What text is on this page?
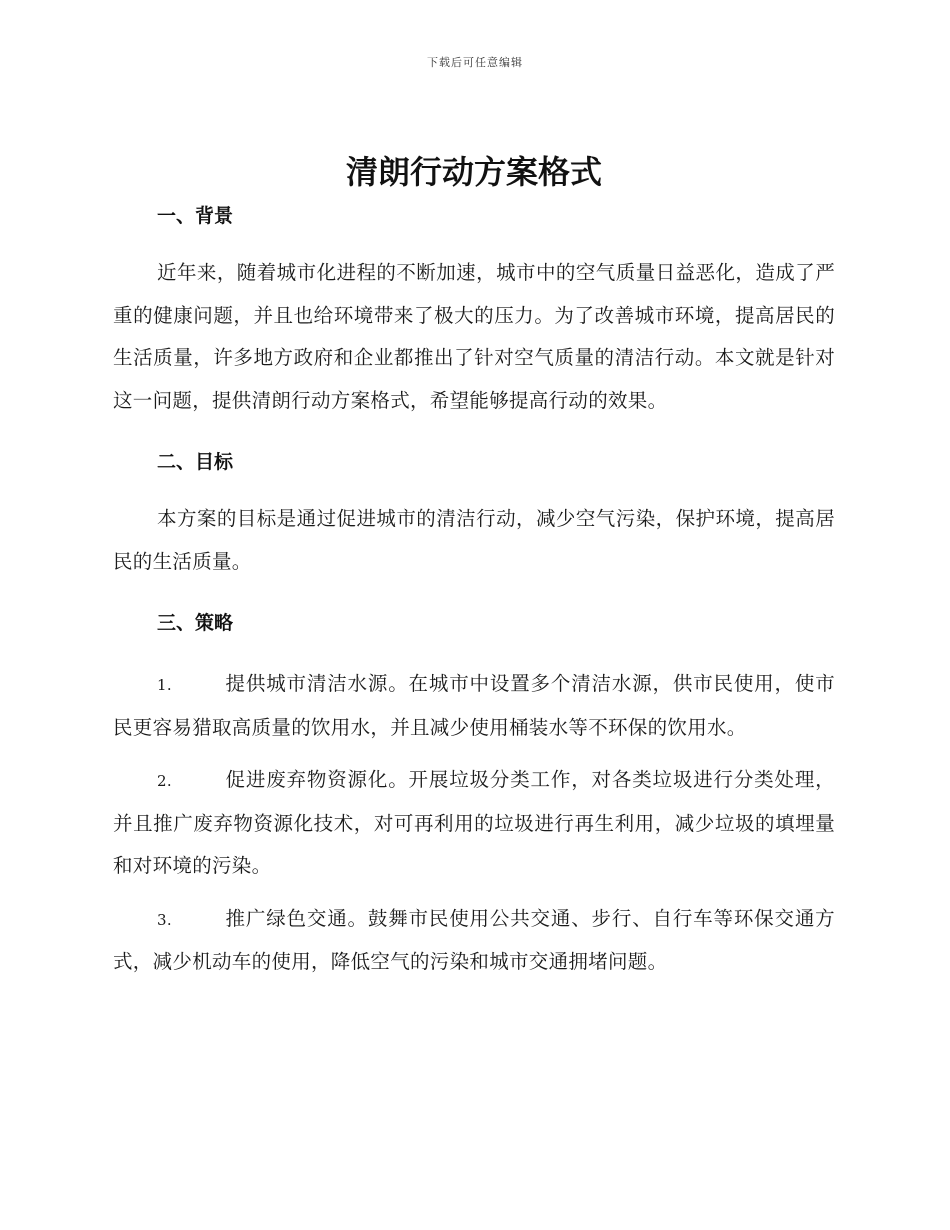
下载后可任意编辑
清朗行动方案格式
一、背景

近年来，随着城市化进程的不断加速，城市中的空气质量日益恶化，造成了严重的健康问题，并且也给环境带来了极大的压力。为了改善城市环境，提高居民的生活质量，许多地方政府和企业都推出了针对空气质量的清洁行动。本文就是针对这一问题，提供清朗行动方案格式，希望能够提高行动的效果。

二、目标

本方案的目标是通过促进城市的清洁行动，减少空气污染，保护环境，提高居民的生活质量。

三、策略

1.	提供城市清洁水源。在城市中设置多个清洁水源，供市民使用，使市民更容易猎取高质量的饮用水，并且减少使用桶装水等不环保的饮用水。

2.	促进废弃物资源化。开展垃圾分类工作，对各类垃圾进行分类处理，并且推广废弃物资源化技术，对可再利用的垃圾进行再生利用，减少垃圾的填埋量和对环境的污染。

3.	推广绿色交通。鼓舞市民使用公共交通、步行、自行车等环保交通方式，减少机动车的使用，降低空气的污染和城市交通拥堵问题。
